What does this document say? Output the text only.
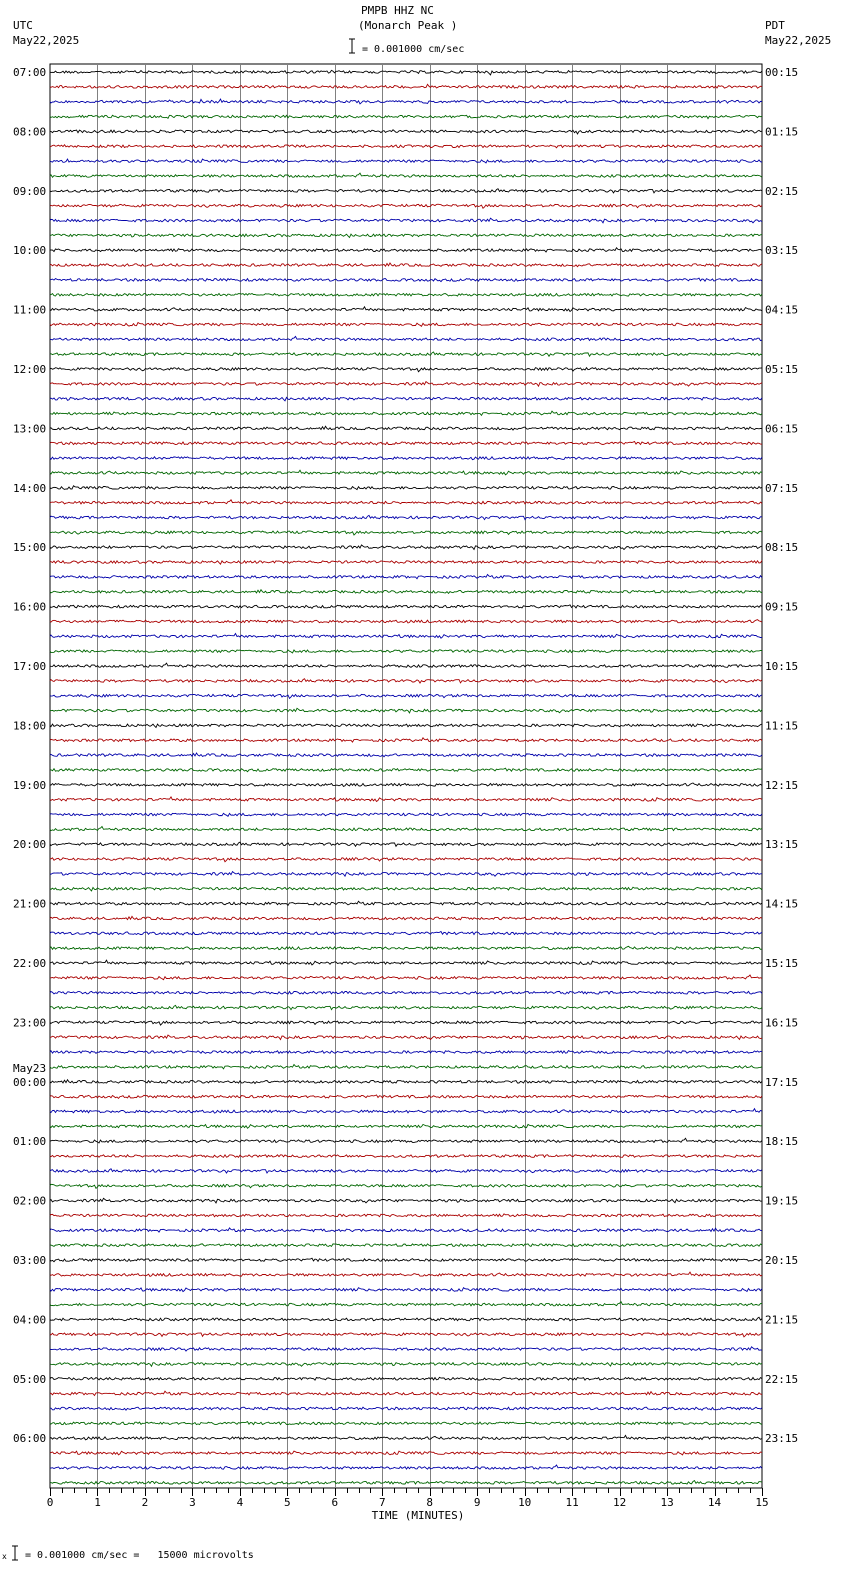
PMPB HHZ NC
(Monarch Peak )
UTC
May22,2025
PDT
May22,2025
= 0.001000 cm/sec
x = 0.001000 cm/sec =   15000 microvolts
07:00
08:00
09:00
10:00
11:00
12:00
13:00
14:00
15:00
16:00
17:00
18:00
19:00
20:00
21:00
22:00
23:00
00:00
May23
01:00
02:00
03:00
04:00
05:00
06:00
00:15
01:15
02:15
03:15
04:15
05:15
06:15
07:15
08:15
09:15
10:15
11:15
12:15
13:15
14:15
15:15
16:15
17:15
18:15
19:15
20:15
21:15
22:15
23:15
0	1	2	3	4	5	6	7	8	9	10	11	12	13	14	15
TIME (MINUTES)
